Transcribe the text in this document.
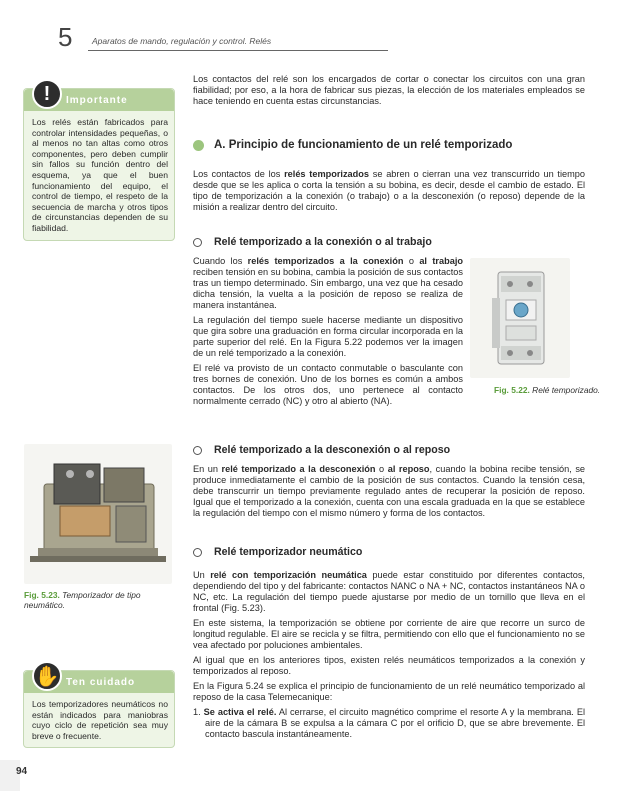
5 Aparatos de mando, regulación y control. Relés
!	Importante
Los relés están fabricados para controlar intensidades pequeñas, o al menos no tan altas como otros componentes, pero deben cumplir sin fallos su función dentro del esquema, ya que el buen funcionamiento del equipo, el control de tiempo, el respeto de la secuencia de marcha y otros tipos de circunstancias dependen de su fiabilidad.

Los contactos del relé son los encargados de cortar o conectar los circuitos con una gran fiabilidad; por eso, a la hora de fabricar sus piezas, la elección de los materiales empleados se hace teniendo en cuenta estas circunstancias.

A. Principio de funcionamiento de un relé temporizado

Los contactos de los relés temporizados se abren o cierran una vez transcurrido un tiempo desde que se les aplica o corta la tensión a su bobina, es decir, desde el cambio de estado. El tipo de temporización a la conexión (o trabajo) o a la desconexión (o reposo) depende de la misión a realizar dentro del circuito.

Relé temporizado a la conexión o al trabajo

Cuando los relés temporizados a la conexión o al trabajo reciben tensión en su bobina, cambia la posición de sus contactos tras un tiempo determinado. Sin embargo, una vez que ha cesado dicha tensión, la vuelta a la posición de reposo se realiza de manera instantánea.

La regulación del tiempo suele hacerse mediante un dispositivo que gira sobre una graduación en forma circular incorporada en la parte superior del relé. En la Figura 5.22 podemos ver la imagen de un relé temporizado a la conexión.

El relé va provisto de un contacto conmutable o basculante con tres bornes de conexión. Uno de los bornes es común a ambos contactos. De los otros dos, uno pertenece al contacto normalmente cerrado (NC) y otro al abierto (NA).

Fig. 5.22. Relé temporizado.
Relé temporizado a la desconexión o al reposo

En un relé temporizado a la desconexión o al reposo, cuando la bobina recibe tensión, se produce inmediatamente el cambio de la posición de sus contactos. Cuando la tensión cesa, debe transcurrir un tiempo previamente regulado antes de recuperar la posición de reposo. Igual que el temporizado a la conexión, cuenta con una escala graduada en la que se establece la regulación del tiempo con el mismo número y forma de los contactos.

Fig. 5.23. Temporizador de tipo neumático.
Relé temporizador neumático

Un relé con temporización neumática puede estar constituido por diferentes contactos, dependiendo del tipo y del fabricante: contactos NANC o NA + NC, contactos instantáneos NA o NC, etc. La regulación del tiempo puede ajustarse por medio de un tornillo que lleva en el frontal (Fig. 5.23).

En este sistema, la temporización se obtiene por corriente de aire que recorre un surco de longitud regulable. El aire se recicla y se filtra, permitiendo con ello que el funcionamiento no se vea afectado por poluciones ambientales.

Al igual que en los anteriores tipos, existen relés neumáticos temporizados a la conexión y temporizados al reposo.

En la Figura 5.24 se explica el principio de funcionamiento de un relé neumático temporizado al reposo de la casa Telemecanique:

1. Se activa el relé. Al cerrarse, el circuito magnético comprime el resorte A y la membrana. El aire de la cámara B se expulsa a la cámara C por el orificio D, que se abre brevemente. El contacto bascula instantáneamente.

✋ Ten cuidado
Los temporizadores neumáticos no están indicados para maniobras cuyo ciclo de repetición sea muy breve o frecuente.
94
